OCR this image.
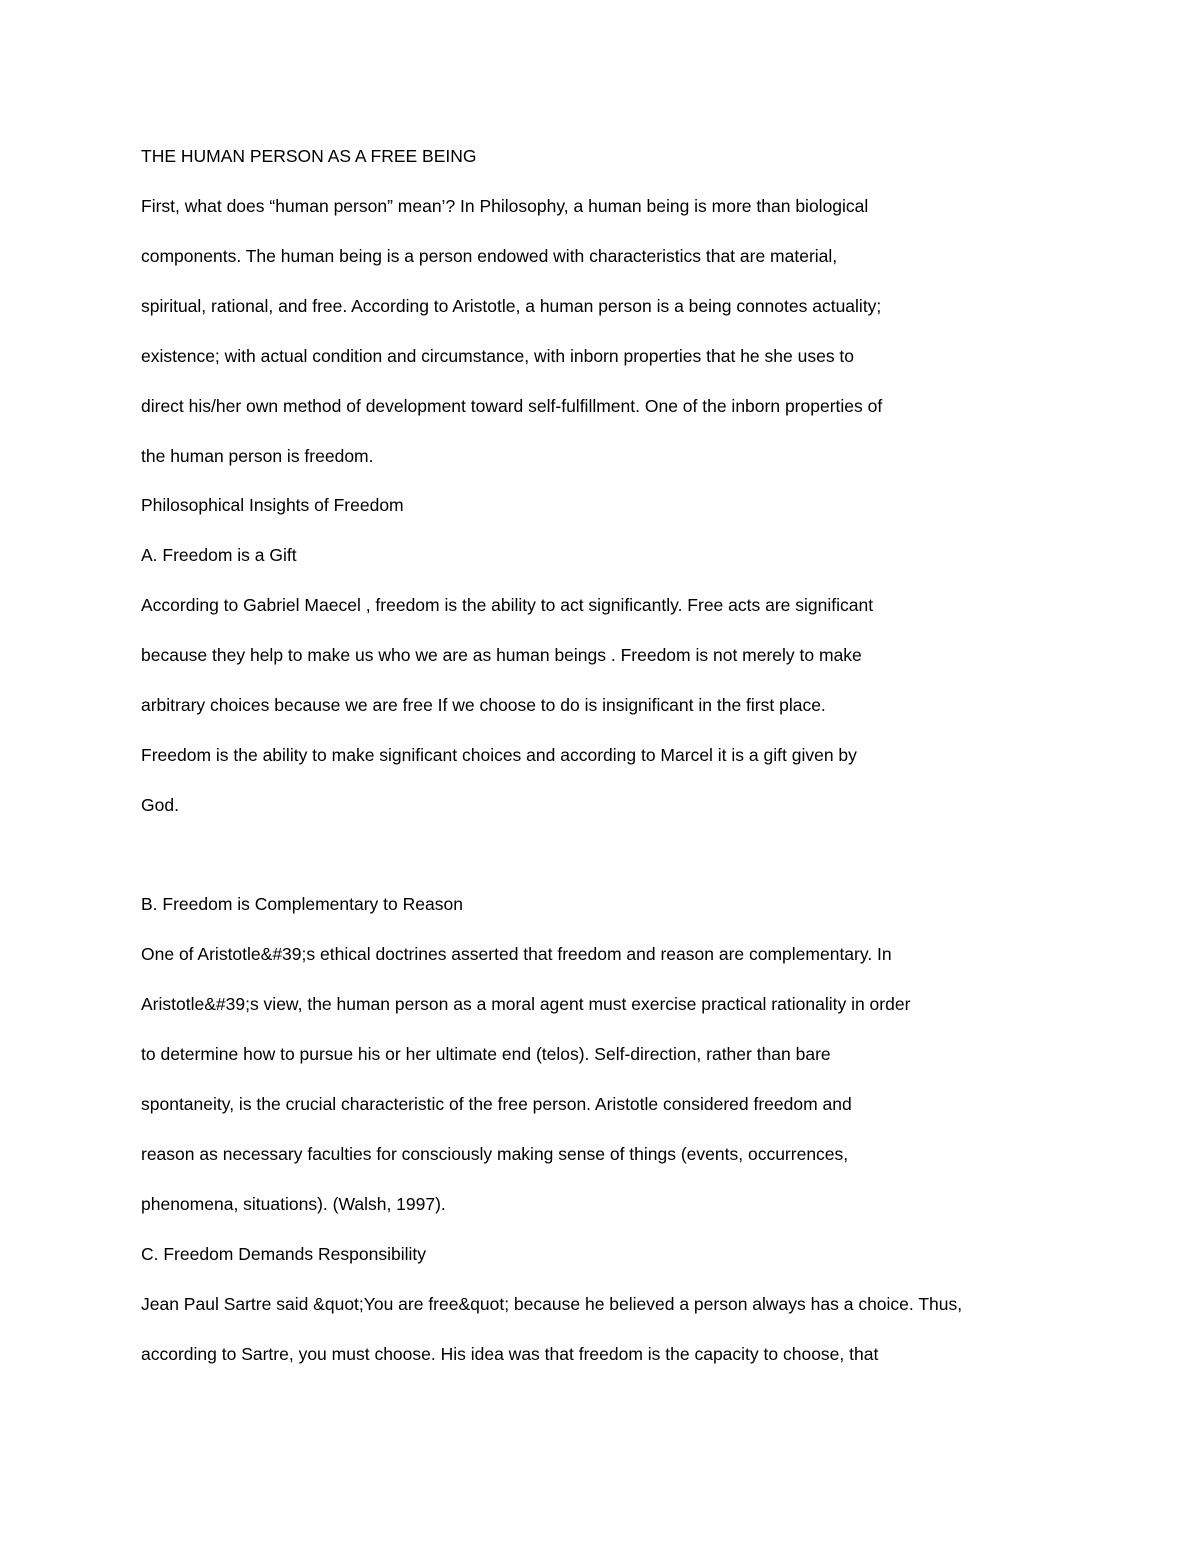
THE HUMAN PERSON AS A FREE BEING
First, what does “human person” mean’? In Philosophy, a human being is more than biological
components. The human being is a person endowed with characteristics that are material,
spiritual, rational, and free. According to Aristotle, a human person is a being connotes actuality;
existence; with actual condition and circumstance, with inborn properties that he she uses to
direct his/her own method of development toward self-fulfillment. One of the inborn properties of
the human person is freedom.
Philosophical Insights of Freedom
A. Freedom is a Gift
According to Gabriel Maecel , freedom is the ability to act significantly. Free acts are significant
because they help to make us who we are as human beings . Freedom is not merely to make
arbitrary choices because we are free If we choose to do is insignificant in the first place.
Freedom is the ability to make significant choices and according to Marcel it is a gift given by
God.
B. Freedom is Complementary to Reason
One of Aristotle&#39;s ethical doctrines asserted that freedom and reason are complementary. In
Aristotle&#39;s view, the human person as a moral agent must exercise practical rationality in order
to determine how to pursue his or her ultimate end (telos). Self-direction, rather than bare
spontaneity, is the crucial characteristic of the free person. Aristotle considered freedom and
reason as necessary faculties for consciously making sense of things (events, occurrences,
phenomena, situations). (Walsh, 1997).
C. Freedom Demands Responsibility
Jean Paul Sartre said &quot;You are free&quot; because he believed a person always has a choice. Thus,
according to Sartre, you must choose. His idea was that freedom is the capacity to choose, that
